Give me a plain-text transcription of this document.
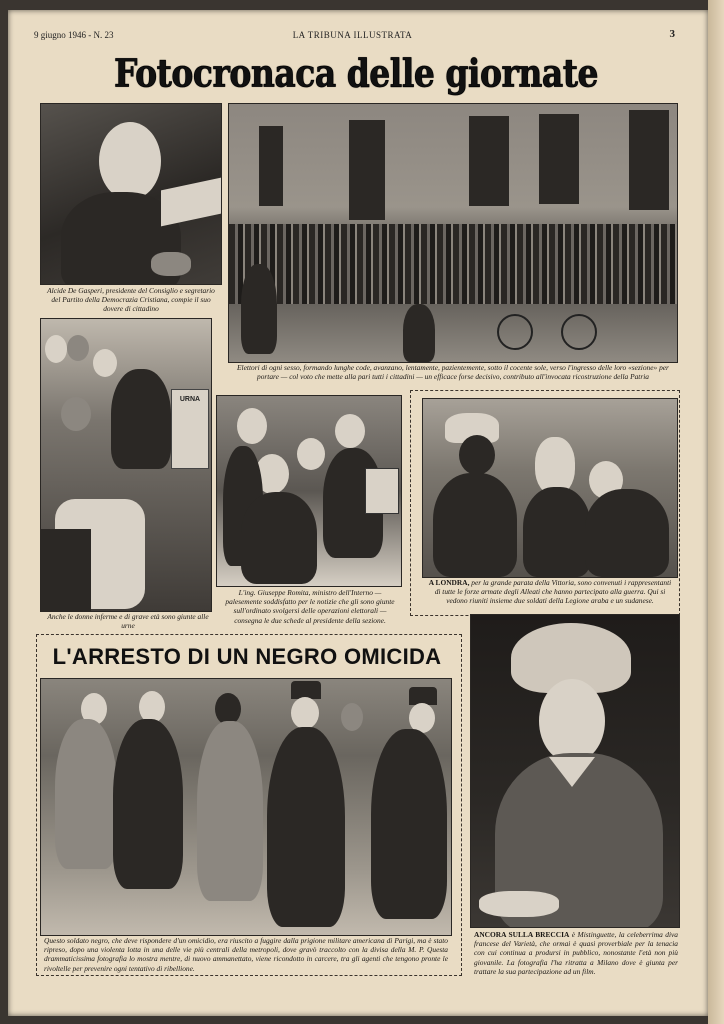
9 giugno 1946 - N. 23	LA TRIBUNA ILLUSTRATA	3
Fotocronaca delle giornate
Alcide De Gasperi, presidente del Consiglio e segretario del Partito della Democrazia Cristiana, compie il suo dovere di cittadino
Elettori di ogni sesso, formando lunghe code, avanzano, lentamente, pazientemente, sotto il cocente sole, verso l'ingresso delle loro «sezione» per portare — col voto che mette alla pari tutti i cittadini — un efficace forse decisivo, contributo all'invocata ricostruzione della Patria
URNA
Anche le donne inferme e di grave età sono giunte alle urne
L'ing. Giuseppe Romita, ministro dell'Interno — palesemente soddisfatto per le notizie che gli sono giunte sull'ordinato svolgersi delle operazioni elettorali — consegna le due schede al presidente della sezione.
A LONDRA, per la grande parata della Vittoria, sono convenuti i rappresentanti di tutte le forze armate degli Alleati che hanno partecipato alla guerra. Qui si vedono riuniti insieme due soldati della Legione araba e un sudanese.
L'ARRESTO DI UN NEGRO OMICIDA
Questo soldato negro, che deve rispondere d'un omicidio, era riuscito a fuggire dalla prigione militare americana di Parigi, ma è stato ripreso, dopo una violenta lotta in una delle vie più centrali della metropoli, dove gravò traccolto con la divisa della M. P. Questa drammaticissima fotografia lo mostra mentre, di nuovo ammanettato, viene ricondotto in carcere, tra gli agenti che tengono pronte le rivoltelle per prevenire ogni tentativo di ribellione.
ANCORA SULLA BRECCIA è Mistinguette, la celeberrima diva francese del Varietà, che ormai è quasi proverbiale per la tenacia con cui continua a prodursi in pubblico, nonostante l'età non più giovanile. La fotografia l'ha ritratta a Milano dove è giunta per trattare la sua partecipazione ad un film.
